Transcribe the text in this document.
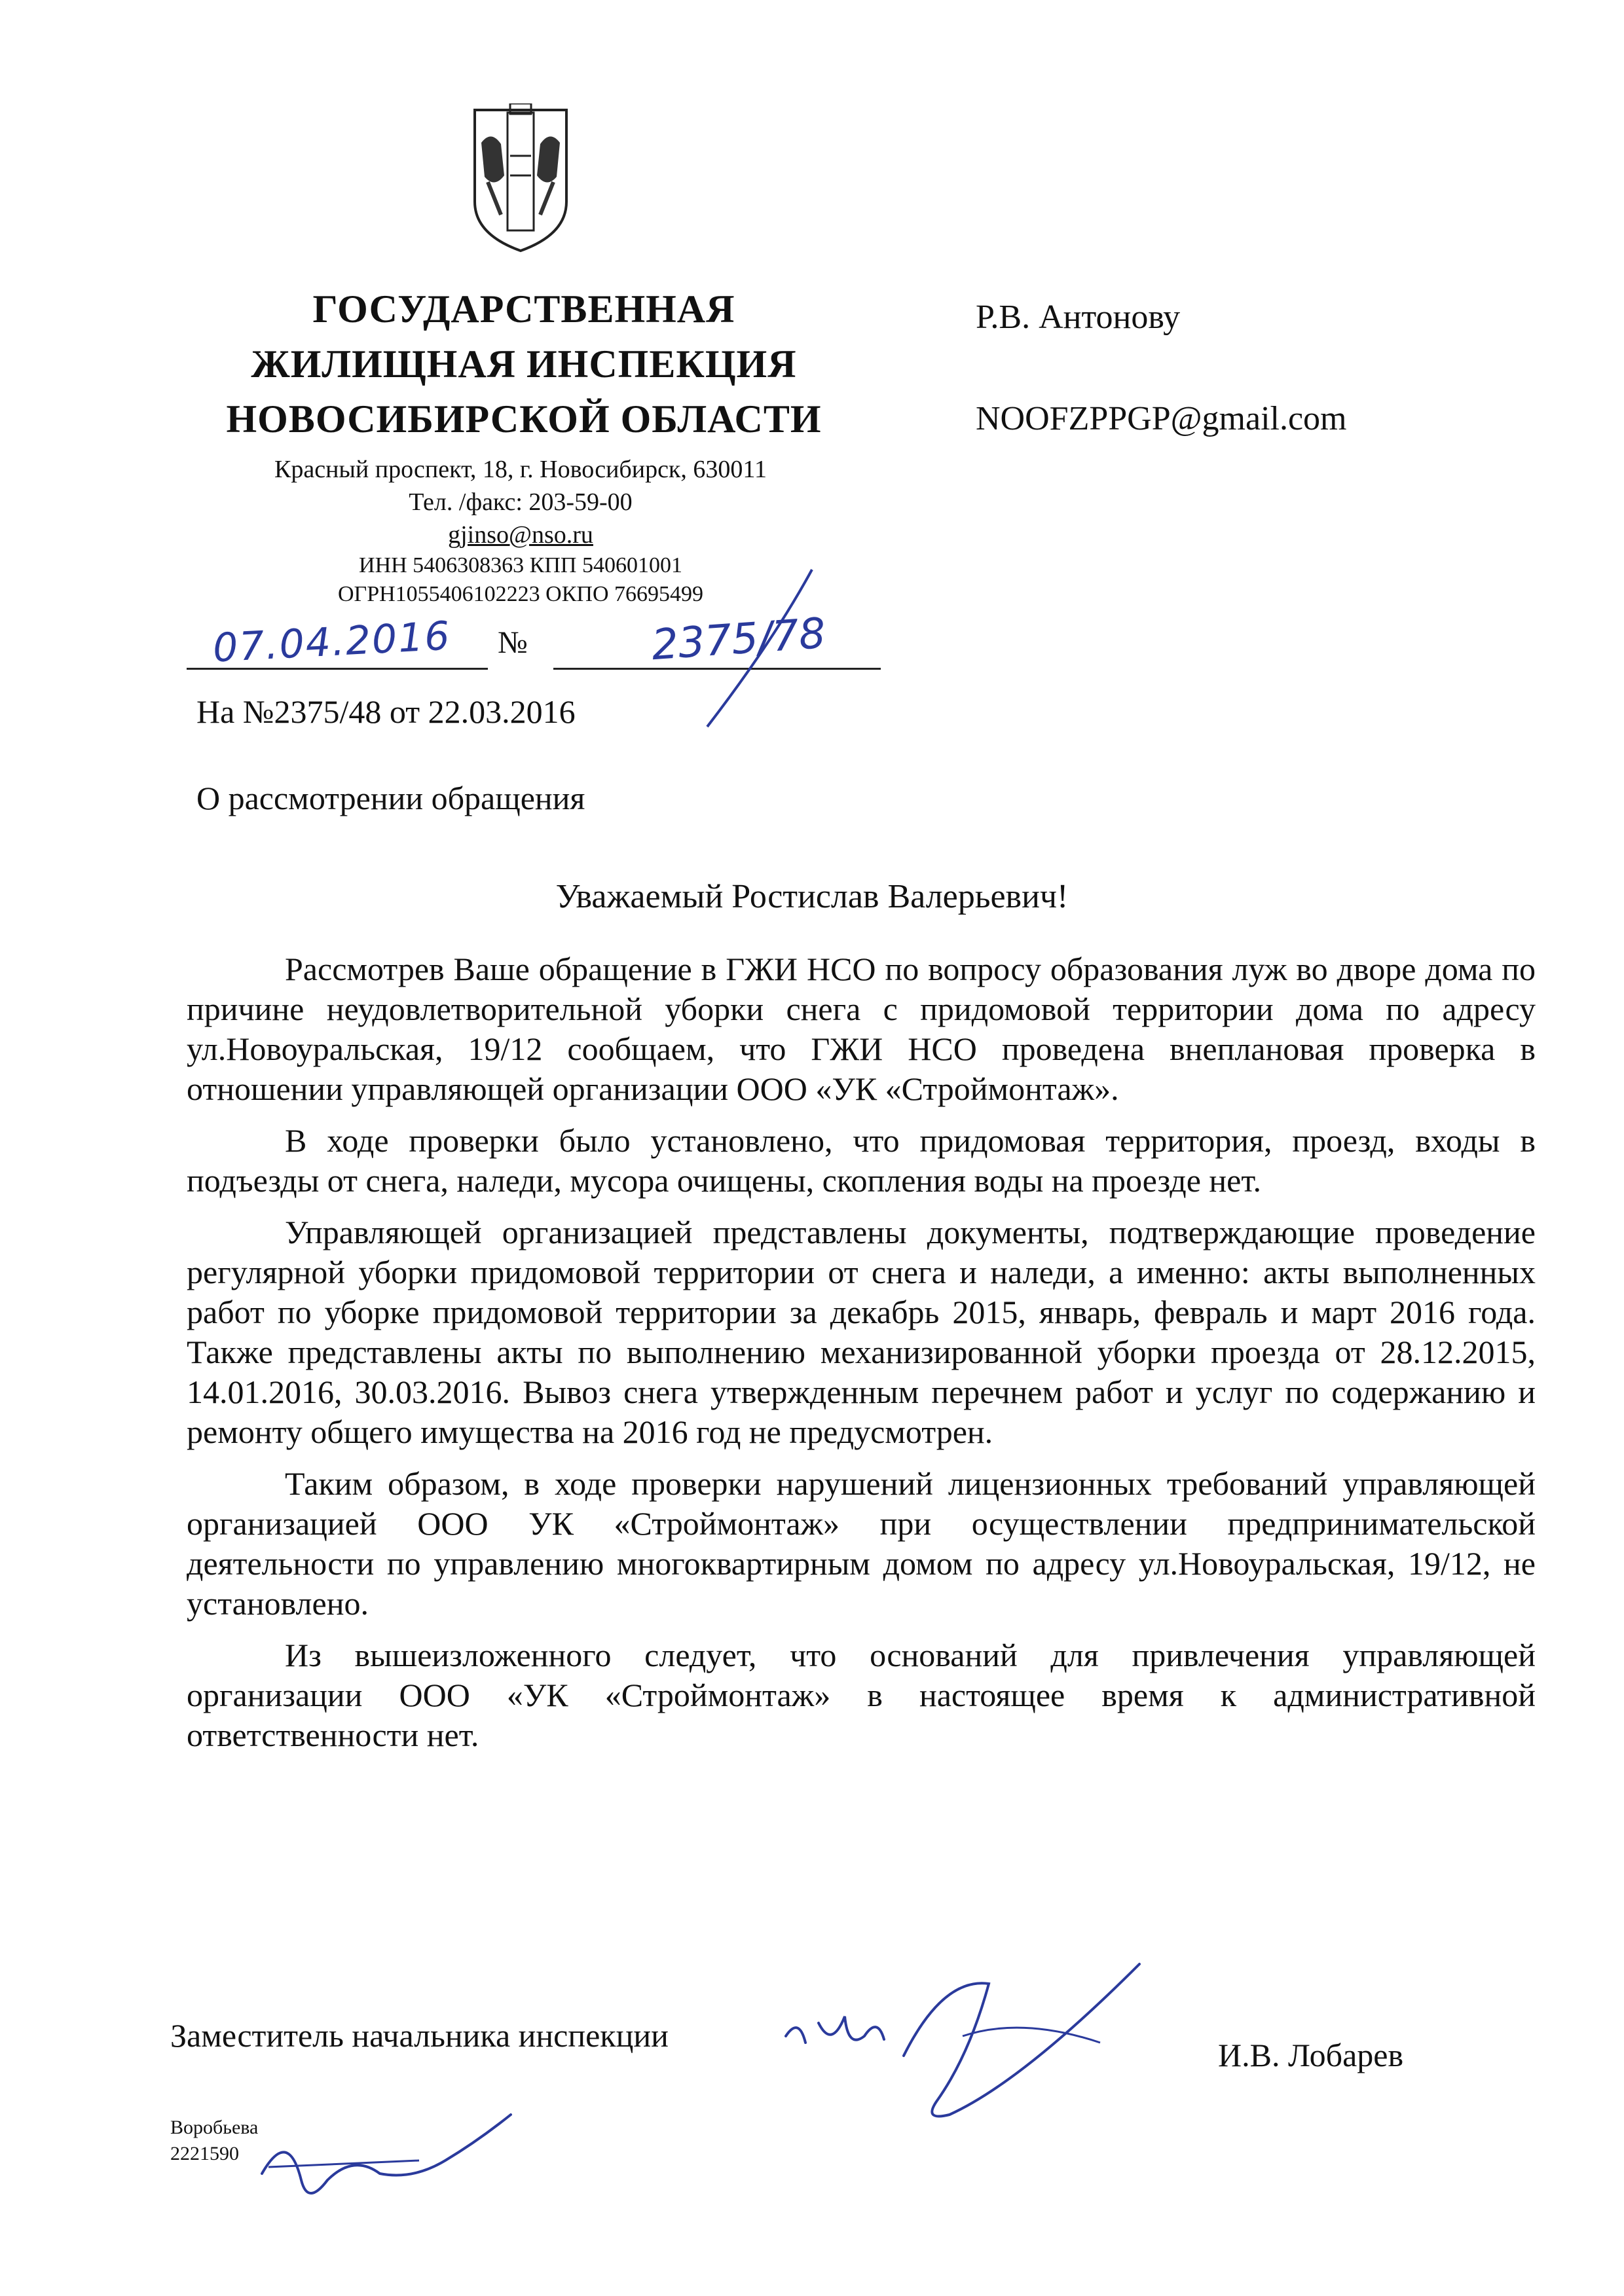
ГОСУДАРСТВЕННАЯ
ЖИЛИЩНАЯ ИНСПЕКЦИЯ
НОВОСИБИРСКОЙ ОБЛАСТИ
Красный проспект, 18, г. Новосибирск, 630011
Тел. /факс: 203-59-00
gjinso@nso.ru
ИНН 5406308363 КПП 540601001
ОГРН1055406102223 ОКПО 76695499
07.04.2016 №	2375/78
На №2375/48 от 22.03.2016
О рассмотрении обращения
Р.В. Антонову
NOOFZPPGP@gmail.com
Уважаемый Ростислав Валерьевич!

Рассмотрев Ваше обращение в ГЖИ НСО по вопросу образования луж во дворе дома по причине неудовлетворительной уборки снега с придомовой территории дома по адресу ул.Новоуральская, 19/12 сообщаем, что ГЖИ НСО проведена внеплановая проверка в отношении управляющей организации ООО «УК «Строймонтаж».

В ходе проверки было установлено, что придомовая территория, проезд, входы в подъезды от снега, наледи, мусора очищены, скопления воды на проезде нет.

Управляющей организацией представлены документы, подтверждающие проведение регулярной уборки придомовой территории от снега и наледи, а именно: акты выполненных работ по уборке придомовой территории за декабрь 2015, январь, февраль и март 2016 года. Также представлены акты по выполнению механизированной уборки проезда от 28.12.2015, 14.01.2016, 30.03.2016. Вывоз снега утвержденным перечнем работ и услуг по содержанию и ремонту общего имущества на 2016 год не предусмотрен.

Таким образом, в ходе проверки нарушений лицензионных требований управляющей организацией ООО УК «Строймонтаж» при осуществлении предпринимательской деятельности по управлению многоквартирным домом по адресу ул.Новоуральская, 19/12, не установлено.

Из вышеизложенного следует, что оснований для привлечения управляющей организации ООО «УК «Строймонтаж» в настоящее время к административной ответственности нет.

Заместитель начальника инспекции
И.В. Лобарев
Воробьева
2221590
